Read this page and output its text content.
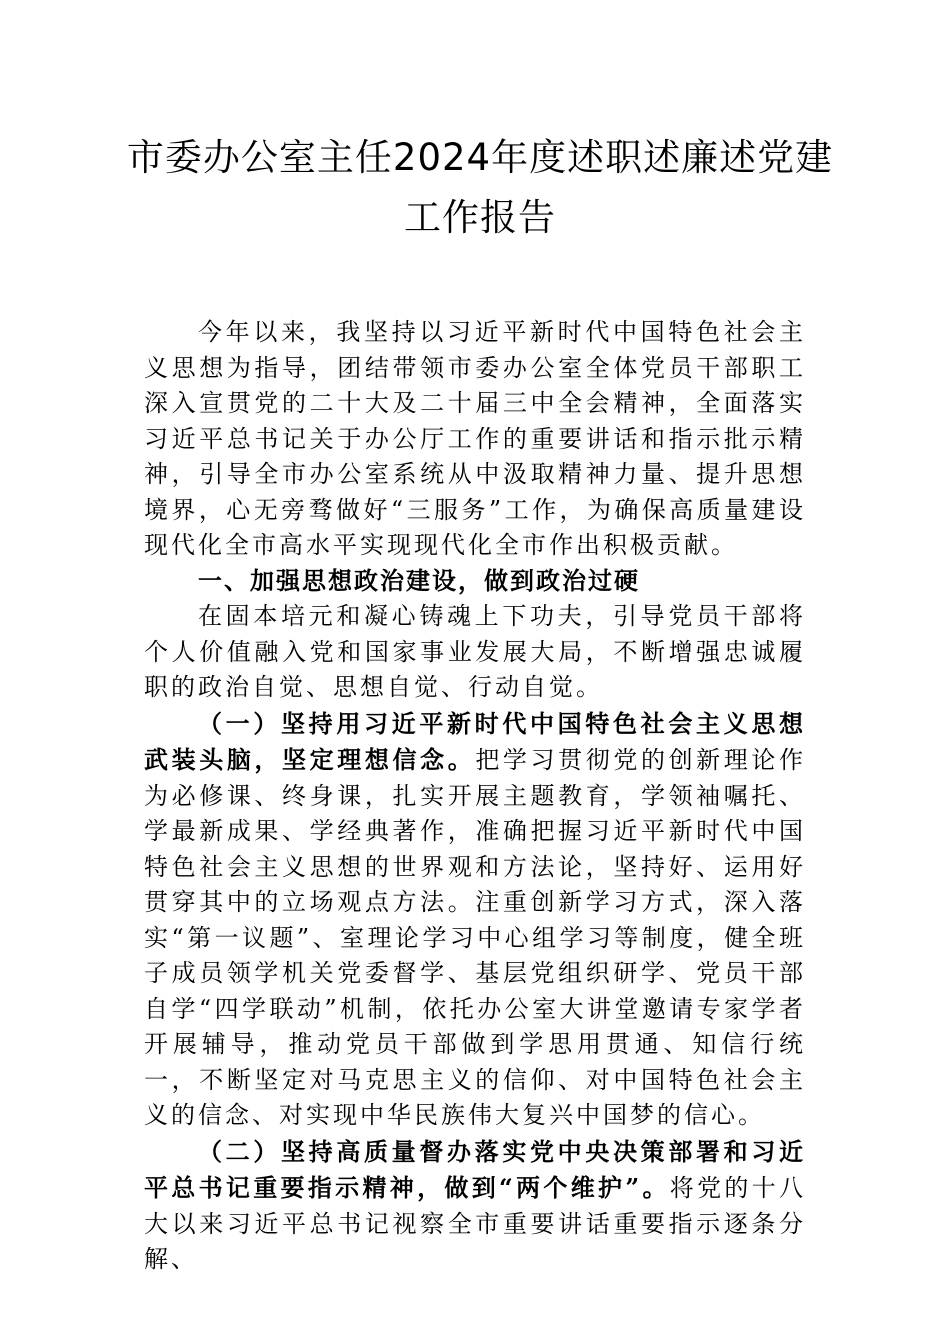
市委办公室主任2024年度述职述廉述党建

工作报告

今年以来，我坚持以习近平新时代中国特色社会主义思想为指导，团结带领市委办公室全体党员干部职工深入宣贯党的二十大及二十届三中全会精神，全面落实习近平总书记关于办公厅工作的重要讲话和指示批示精神，引导全市办公室系统从中汲取精神力量、提升思想境界，心无旁骛做好“三服务”工作，为确保高质量建设现代化全市高水平实现现代化全市作出积极贡献。

一、加强思想政治建设，做到政治过硬

在固本培元和凝心铸魂上下功夫，引导党员干部将个人价值融入党和国家事业发展大局，不断增强忠诚履职的政治自觉、思想自觉、行动自觉。

（一）坚持用习近平新时代中国特色社会主义思想武装头脑，坚定理想信念。把学习贯彻党的创新理论作为必修课、终身课，扎实开展主题教育，学领袖嘱托、学最新成果、学经典著作，准确把握习近平新时代中国特色社会主义思想的世界观和方法论，坚持好、运用好贯穿其中的立场观点方法。注重创新学习方式，深入落实“第一议题”、室理论学习中心组学习等制度，健全班子成员领学机关党委督学、基层党组织研学、党员干部自学“四学联动”机制，依托办公室大讲堂邀请专家学者开展辅导，推动党员干部做到学思用贯通、知信行统一，不断坚定对马克思主义的信仰、对中国特色社会主义的信念、对实现中华民族伟大复兴中国梦的信心。

（二）坚持高质量督办落实党中央决策部署和习近平总书记重要指示精神，做到“两个维护”。将党的十八大以来习近平总书记视察全市重要讲话重要指示逐条分解、
